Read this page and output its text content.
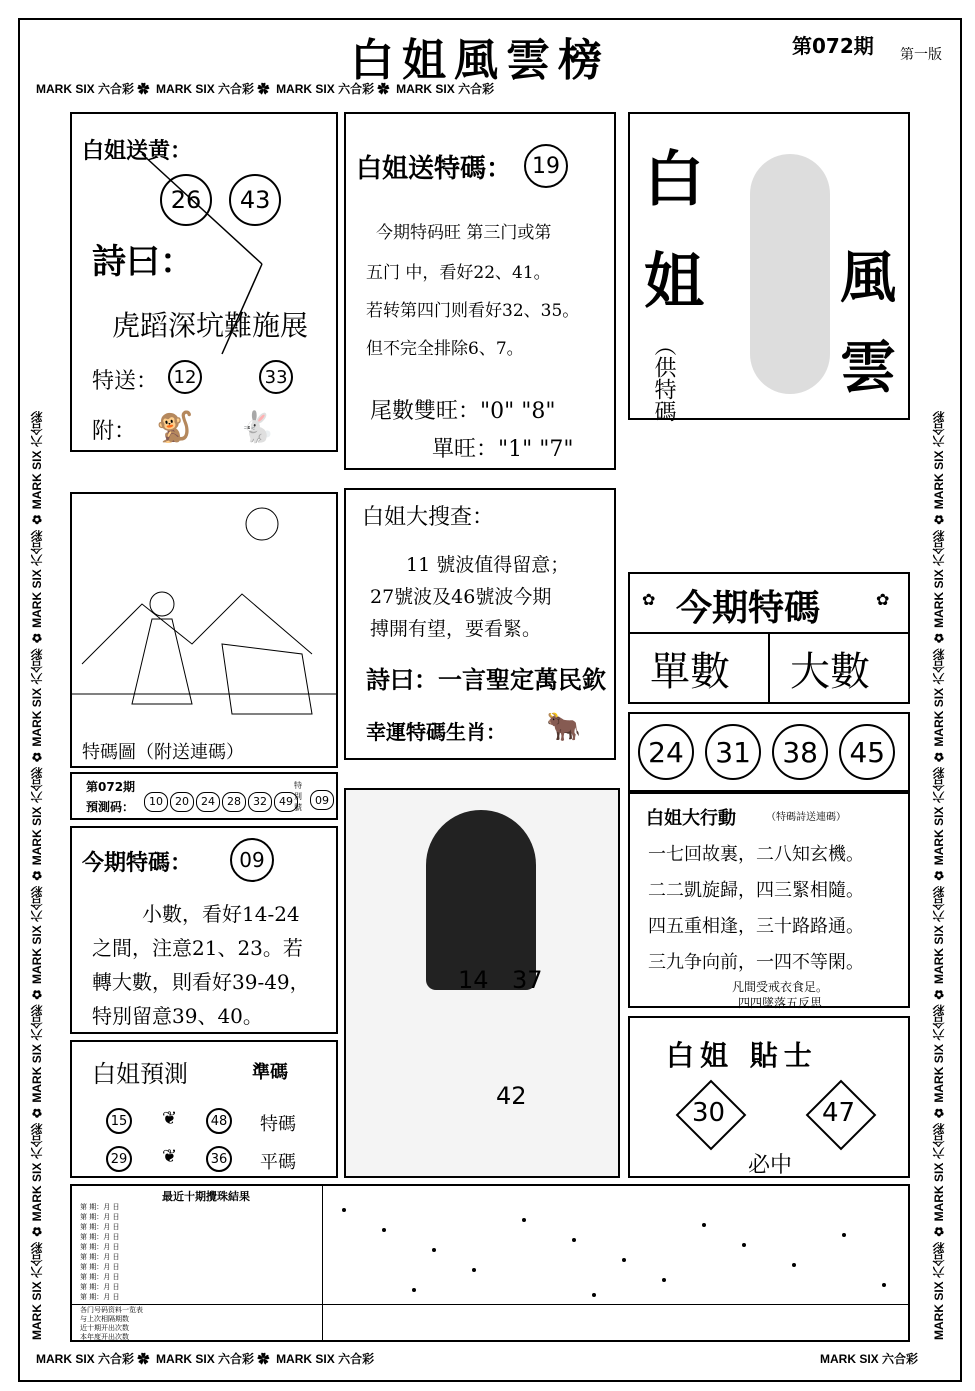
白姐風雲榜	第072期 第一版
MARK SIX 六合彩 ✿  MARK SIX 六合彩 ✿  MARK SIX 六合彩 ✿  MARK SIX 六合彩
MARK SIX 六合彩 ✿  MARK SIX 六合彩 ✿  MARK SIX 六合彩	MARK SIX 六合彩
MARK SIX 六合彩 ✿ MARK SIX 六合彩 ✿ MARK SIX 六合彩 ✿ MARK SIX 六合彩 ✿ MARK SIX 六合彩 ✿ MARK SIX 六合彩 ✿ MARK SIX 六合彩 ✿ MARK SIX 六合彩
MARK SIX 六合彩 ✿ MARK SIX 六合彩 ✿ MARK SIX 六合彩 ✿ MARK SIX 六合彩 ✿ MARK SIX 六合彩 ✿ MARK SIX 六合彩 ✿ MARK SIX 六合彩 ✿ MARK SIX 六合彩
白姐送黄：
26 43
詩曰：
虎蹈深坑難施展
特送： 12	33
附： 🐒 🐇
白姐送特碼： 19
今期特码旺 第三门或第
五门 中，看好22、41。
若转第四门则看好32、35。
但不完全排除6、7。
尾數雙旺："0" "8"
單旺："1" "7"
白
姐 風
雲
（供特碼
特碼圖（附送連碼）
白姐大搜查：
11 號波值得留意；
27號波及46號波今期
搏開有望，要看緊。
詩曰：一言聖定萬民欽
幸運特碼生肖： 🐂
✿ 今期特碼	✿
單數 大數
24 31 38 45
第072期
預測码：	10 20 24 28 32 49
特別號
09
今期特碼：	09
小數，看好14-24
之間，注意21、23。若
轉大數，則看好39-49，
特別留意39、40。
14 37
42
白姐大行動	（特碼詩送連碼）
一七回故裏，二八知玄機。
二二凱旋歸，四三緊相隨。
四五重相逢，三十路路通。
三九争向前，一四不等閑。
凡間受戒衣食足。
四四墜落五反思
白姐預測	準碼
15 ❦	48 特碼
29 ❦	36 平碼
白姐 貼士
30	47
必中
最近十期攪珠結果
第 期：月 日
第 期：月 日
第 期：月 日
第 期：月 日
第 期：月 日
第 期：月 日
第 期：月 日
第 期：月 日
第 期：月 日
第 期：月 日
各门号码资料一览表
与上次相隔期数
近十期开出次数
本年度开出次数
